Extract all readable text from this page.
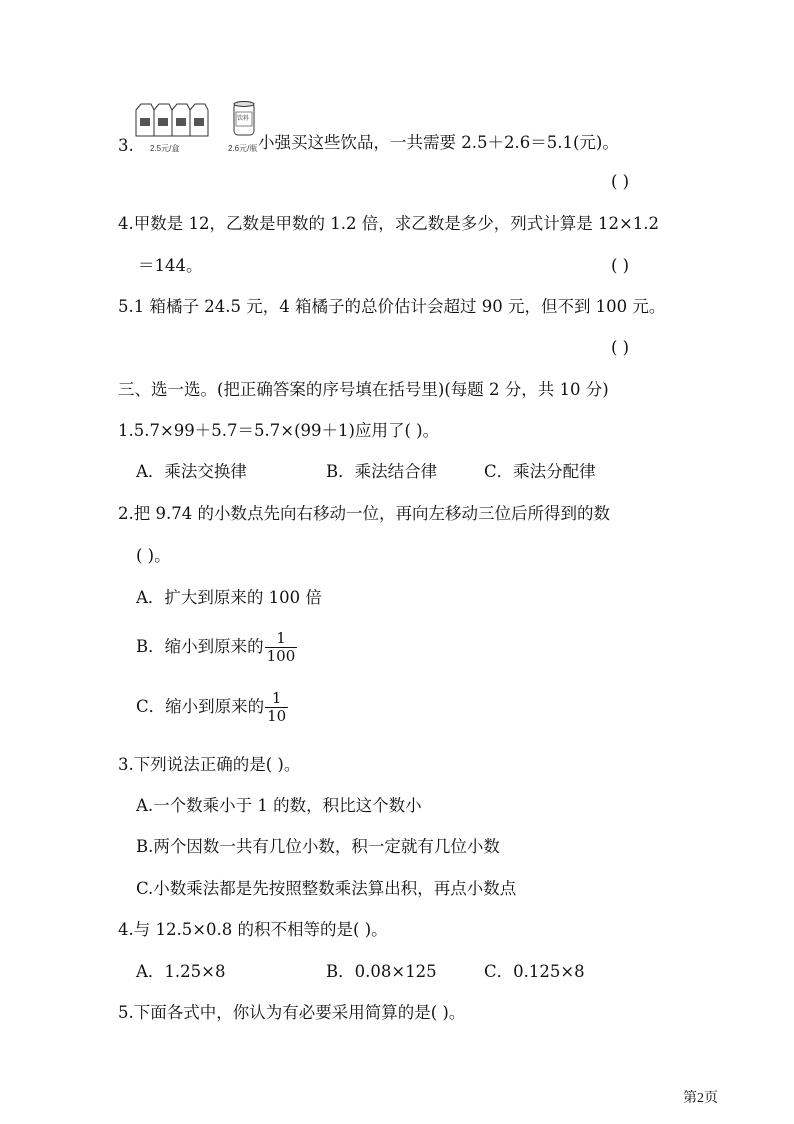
3. 2.5元/盒
饮料
2.6元/瓶 小强买这些饮品，一共需要 2.5＋2.6＝5.1(元)。
( )
4.甲数是 12，乙数是甲数的 1.2 倍，求乙数是多少，列式计算是 12×1.2
＝144。	( )
5.1 箱橘子 24.5 元，4 箱橘子的总价估计会超过 90 元，但不到 100 元。
( )
三、选一选。(把正确答案的序号填在括号里)(每题 2 分，共 10 分)
1.5.7×99＋5.7＝5.7×(99＋1)应用了( )。
A．乘法交换律	B．乘法结合律	C．乘法分配律
2.把 9.74 的小数点先向右移动一位，再向左移动三位后所得到的数
( )。
A．扩大到原来的 100 倍
B．缩小到原来的 $\frac{1}{100}$
C．缩小到原来的 $\frac{1}{10}$
3.下列说法正确的是( )。
A.一个数乘小于 1 的数，积比这个数小
B.两个因数一共有几位小数，积一定就有几位小数
C.小数乘法都是先按照整数乘法算出积，再点小数点
4.与 12.5×0.8 的积不相等的是( )。
A．1.25×8	B．0.08×125	C．0.125×8
5.下面各式中，你认为有必要采用简算的是( )。
第2页
